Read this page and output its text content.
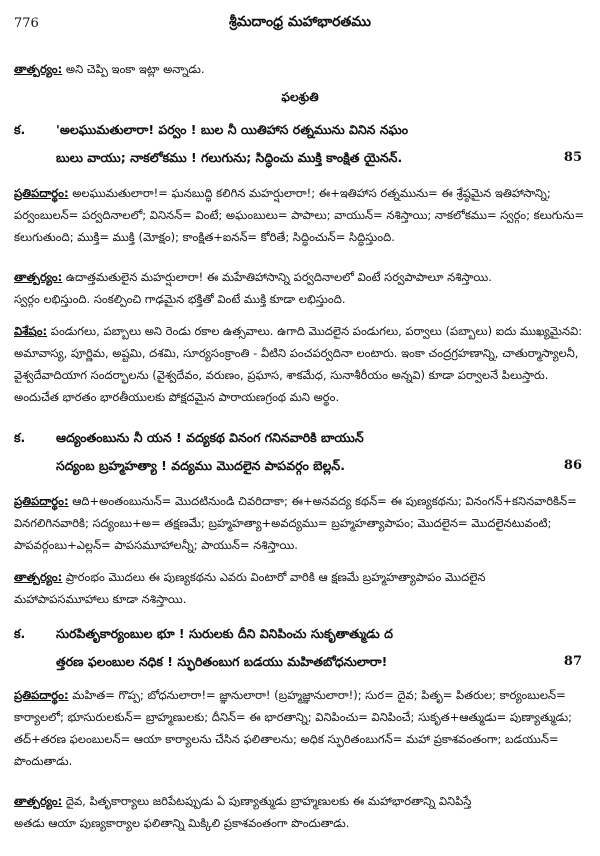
776	శ్రీమదాంధ్ర మహాభారతము
తాత్పర్యం: అని చెప్పి ఇంకా ఇట్లా అన్నాడు.
ఫలశ్రుతి
క. 'అలఘుమతులారా! పర్వం ! బుల నీ యితిహాస రత్నమును వినిన నఘం
బులు వాయు; నాకలోకము ! గలుగును; సిద్ధించు ముక్తి కాంక్షిత యైనన్.	85
ప్రతిపదార్థం: అలఘుమతులారా!= ఘనబుద్ధి కలిగిన మహర్షులారా!; ఈ+ఇతిహాస రత్నమును= ఈ శ్రేష్ఠమైన ఇతిహాసాన్ని;
పర్వంబులన్= పర్వదినాలలో; వినినన్= వింటే; అఘంబులు= పాపాలు; వాయున్= నశిస్తాయి; నాకలోకము= స్వర్గం; కలుగును=
కలుగుతుంది; ముక్తి= ముక్తి (మోక్షం); కాంక్షిత+ఐనన్= కోరితే; సిద్ధించున్= సిద్ధిస్తుంది.
తాత్పర్యం: ఉదాత్తమతులైన మహర్షులారా! ఈ మహేతిహాసాన్ని పర్వదినాలలో వింటే సర్వపాపాలూ నశిస్తాయి.
స్వర్గం లభిస్తుంది. సంకల్పించి గాఢమైన భక్తితో వింటే ముక్తి కూడా లభిస్తుంది.
విశేషం: పండుగలు, పబ్బాలు అని రెండు రకాల ఉత్సవాలు. ఉగాది మొదలైన పండుగలు, పర్వాలు (పబ్బాలు) ఐదు ముఖ్యమైనవి:
అమావాస్య, పూర్ణిమ, అష్టమి, దశమి, సూర్యసంక్రాంతి - వీటిని పంచపర్వదినా లంటారు. ఇంకా చంద్రగ్రహణాన్ని, చాతుర్మాస్యాలనీ,
వైశ్వదేవాదియాగ సందర్భాలను (వైశ్వదేవం, వరుణం, ప్రఘాస, శాకమేధ, సునాశీరీయం అన్నవి) కూడా పర్వాలనే పిలుస్తారు.
అందుచేత భారతం భారతీయులకు పోక్షదమైన పారాయణగ్రంథ మని అర్థం.
క. ఆద్యంతంబును నీ యన ! వద్యకథ వినంగ గనినవారికి బాయున్
సద్యంబ బ్రహ్మహత్యా ! వద్యము మొదలైన పాపవర్గం బెల్లన్.	86
ప్రతిపదార్థం: ఆది+అంతంబునున్= మొదటినుండి చివరిదాకా; ఈ+అనవద్య కథన్= ఈ పుణ్యకథను; వినంగన్+కనినవారికిన్=
వినగలిగినవారికి; సద్యంబు+అ= తక్షణమే; బ్రహ్మహత్యా+అవద్యము= బ్రహ్మహత్యాపాపం; మొదలైన= మొదలైనటువంటి;
పాపవర్గంబు+ఎల్లన్= పాపసమూహాలన్నీ; పాయున్= నశిస్తాయి.
తాత్పర్యం: ప్రారంభం మొదలు ఈ పుణ్యకథను ఎవరు వింటారో వారికి ఆ క్షణమే బ్రహ్మహత్యాపాపం మొదలైన
మహాపాపసమూహాలు కూడా నశిస్తాయి.
క. సురపితృకార్యంబుల భూ ! సురులకు దీని వినిపించు సుకృతాత్ముడు ద
త్తరణ ఫలంబుల నధిక ! స్ఫురితంబుగ బడయు మహితబోధనులారా!	87
ప్రతిపదార్థం: మహిత= గొప్ప; బోధనులారా!= జ్ఞానులారా! (బ్రహ్మజ్ఞానులారా!); సుర= దైవ; పితృ= పితరుల; కార్యంబులన్=
కార్యాలలో; భూసురులకున్= బ్రాహ్మణులకు; దీనిన్= ఈ భారతాన్ని; వినిపించు= వినిపించే; సుకృత+ఆత్ముడు= పుణ్యాత్ముడు;
తద్+తరణ ఫలంబులన్= ఆయా కార్యాలను చేసిన ఫలితాలను; అధిక స్ఫురితంబుగన్= మహా ప్రకాశవంతంగా; బడయున్=
పొందుతాడు.
తాత్పర్యం: దైవ, పితృకార్యాలు జరిపేటప్పుడు ఏ పుణ్యాత్ముడు బ్రాహ్మణులకు ఈ మహాభారతాన్ని వినిపిస్తే
అతడు ఆయా పుణ్యకార్యాల ఫలితాన్ని మిక్కిలి ప్రకాశవంతంగా పొందుతాడు.
